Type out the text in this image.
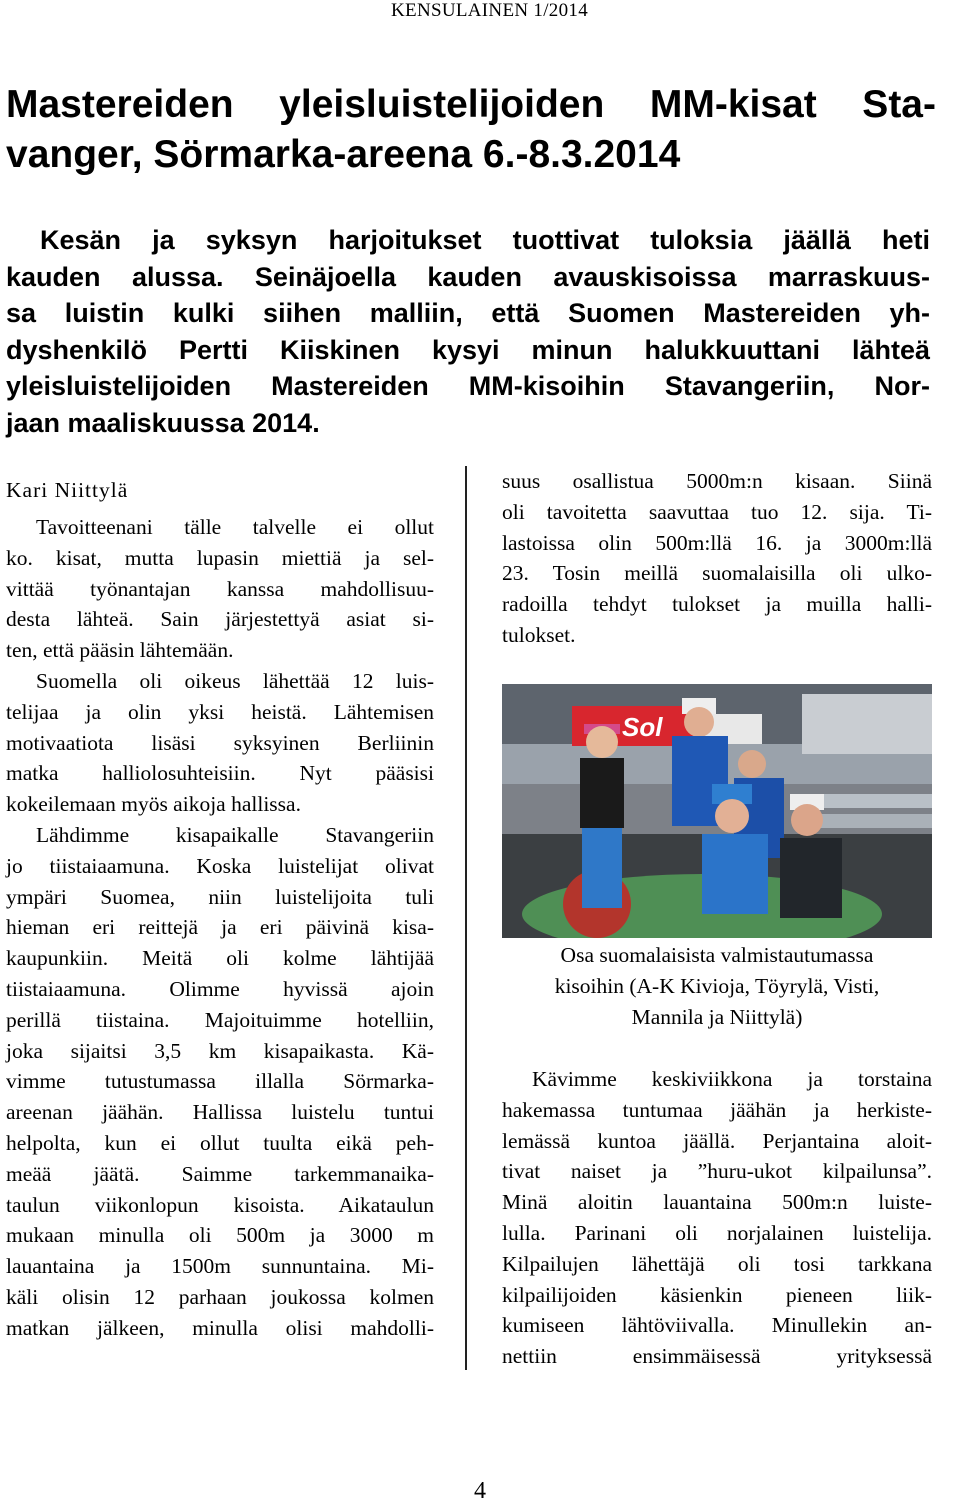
KENSULAINEN 1/2014
Mastereiden yleisluistelijoiden MM-kisat Sta-
vanger, Sörmarka-areena 6.-8.3.2014
Kesän ja syksyn harjoitukset tuottivat tuloksia jäällä heti
kauden alussa. Seinäjoella kauden avauskisoissa marraskuus-
sa luistin kulki siihen malliin, että Suomen Mastereiden yh-
dyshenkilö Pertti Kiiskinen kysyi minun halukkuuttani lähteä
yleisluistelijoiden Mastereiden MM-kisoihin Stavangeriin, Nor-
jaan maaliskuussa 2014.
Kari Niittylä
Tavoitteenani tälle talvelle ei ollut
ko. kisat, mutta lupasin miettiä ja sel-
vittää työnantajan kanssa mahdollisuu-
desta lähteä. Sain järjestettyä asiat si-
ten, että pääsin lähtemään.
Suomella oli oikeus lähettää 12 luis-
telijaa ja olin yksi heistä. Lähtemisen
motivaatiota lisäsi syksyinen Berliinin
matka halliolosuhteisiin. Nyt pääsisi
kokeilemaan myös aikoja hallissa.
Lähdimme kisapaikalle Stavangeriin
jo tiistaiaamuna. Koska luistelijat olivat
ympäri Suomea, niin luistelijoita tuli
hieman eri reittejä ja eri päivinä kisa-
kaupunkiin. Meitä oli kolme lähtijää
tiistaiaamuna. Olimme hyvissä ajoin
perillä tiistaina. Majoituimme hotelliin,
joka sijaitsi 3,5 km kisapaikasta. Kä-
vimme tutustumassa illalla Sörmarka-
areenan jäähän. Hallissa luistelu tuntui
helpolta, kun ei ollut tuulta eikä peh-
meää jäätä. Saimme tarkemmanaika-
taulun viikonlopun kisoista. Aikataulun
mukaan minulla oli 500m ja 3000 m
lauantaina ja 1500m sunnuntaina. Mi-
käli olisin 12 parhaan joukossa kolmen
matkan jälkeen, minulla olisi mahdolli-
suus osallistua 5000m:n kisaan. Siinä
oli tavoitetta saavuttaa tuo 12. sija. Ti-
lastoissa olin 500m:llä 16. ja 3000m:llä
23. Tosin meillä suomalaisilla oli ulko-
radoilla tehdyt tulokset ja muilla halli-
tulokset.
Sol
Osa suomalaisista valmistautumassa
kisoihin (A-K Kivioja, Töyrylä, Visti,
Mannila ja Niittylä)
Kävimme keskiviikkona ja torstaina
hakemassa tuntumaa jäähän ja herkiste-
lemässä kuntoa jäällä. Perjantaina aloit-
tivat naiset ja ”huru-ukot kilpailunsa”.
Minä aloitin lauantaina 500m:n luiste-
lulla. Parinani oli norjalainen luistelija.
Kilpailujen lähettäjä oli tosi tarkkana
kilpailijoiden käsienkin pieneen liik-
kumiseen lähtöviivalla. Minullekin an-
nettiin ensimmäisessä yrityksessä
4
